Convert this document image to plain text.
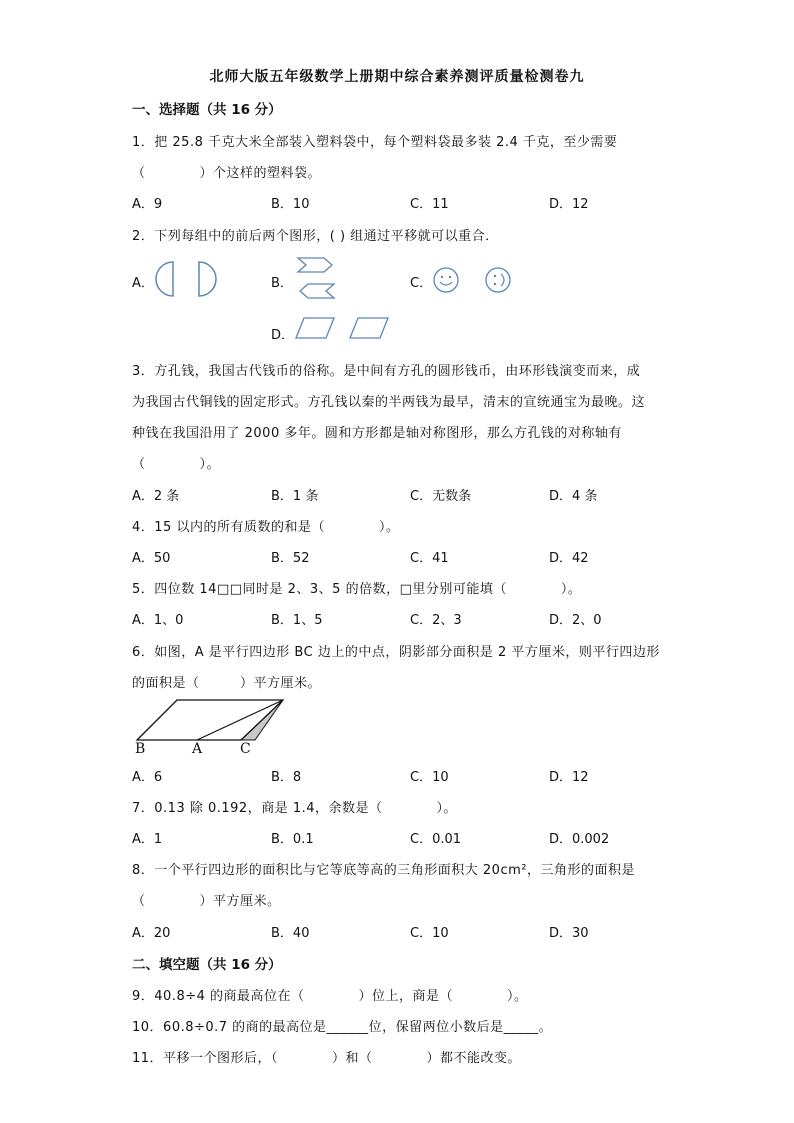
北师大版五年级数学上册期中综合素养测评质量检测卷九
一、选择题（共 16 分）
1．把 25.8 千克大米全部装入塑料袋中，每个塑料袋最多装 2.4 千克，至少需要
（　　　　）个这样的塑料袋。
A．9	B．10	C．11	D．12
2．下列每组中的前后两个图形，( ) 组通过平移就可以重合．
A．	B．	C．
D．
3．方孔钱，我国古代钱币的俗称。是中间有方孔的圆形钱币，由环形钱演变而来，成
为我国古代铜钱的固定形式。方孔钱以秦的半两钱为最早，清末的宣统通宝为最晚。这
种钱在我国沿用了 2000 多年。圆和方形都是轴对称图形，那么方孔钱的对称轴有
（　　　　）。
A．2 条	B．1 条	C．无数条	D．4 条
4．15 以内的所有质数的和是（　　　　）。
A．50	B．52	C．41	D．42
5．四位数 14□□同时是 2、3、5 的倍数，□里分别可能填（　　　　）。
A．1、0	B．1、5	C．2、3	D．2、0
6．如图，A 是平行四边形 BC 边上的中点，阴影部分面积是 2 平方厘米，则平行四边形
的面积是（　　　）平方厘米。
B	A	C
A．6	B．8	C．10	D．12
7．0.13 除 0.192，商是 1.4，余数是（　　　　）。
A．1	B．0.1	C．0.01	D．0.002
8．一个平行四边形的面积比与它等底等高的三角形面积大 20cm²，三角形的面积是
（　　　　）平方厘米。
A．20	B．40	C．10	D．30
二、填空题（共 16 分）
9．40.8÷4 的商最高位在（　　　　）位上，商是（　　　　）。
10．60.8÷0.7 的商的最高位是______位，保留两位小数后是_____。
11．平移一个图形后，（　　　　）和（　　　　）都不能改变。
